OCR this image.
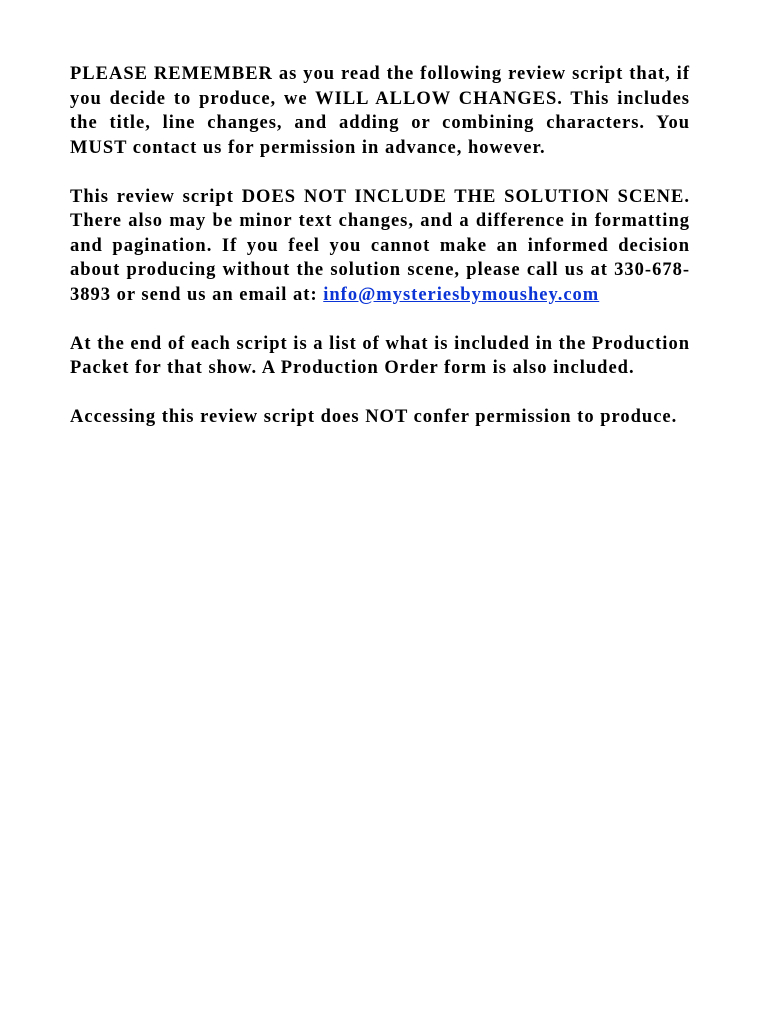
PLEASE REMEMBER as you read the following review script that, if you decide to produce, we WILL ALLOW CHANGES. This includes the title, line changes, and adding or combining characters. You MUST contact us for permission in advance, however.

This review script DOES NOT INCLUDE THE SOLUTION SCENE. There also may be minor text changes, and a difference in formatting and pagination. If you feel you cannot make an informed decision about producing without the solution scene, please call us at 330-678-3893 or send us an email at: info@mysteriesbymoushey.com

At the end of each script is a list of what is included in the Production Packet for that show. A Production Order form is also included.

Accessing this review script does NOT confer permission to produce.
